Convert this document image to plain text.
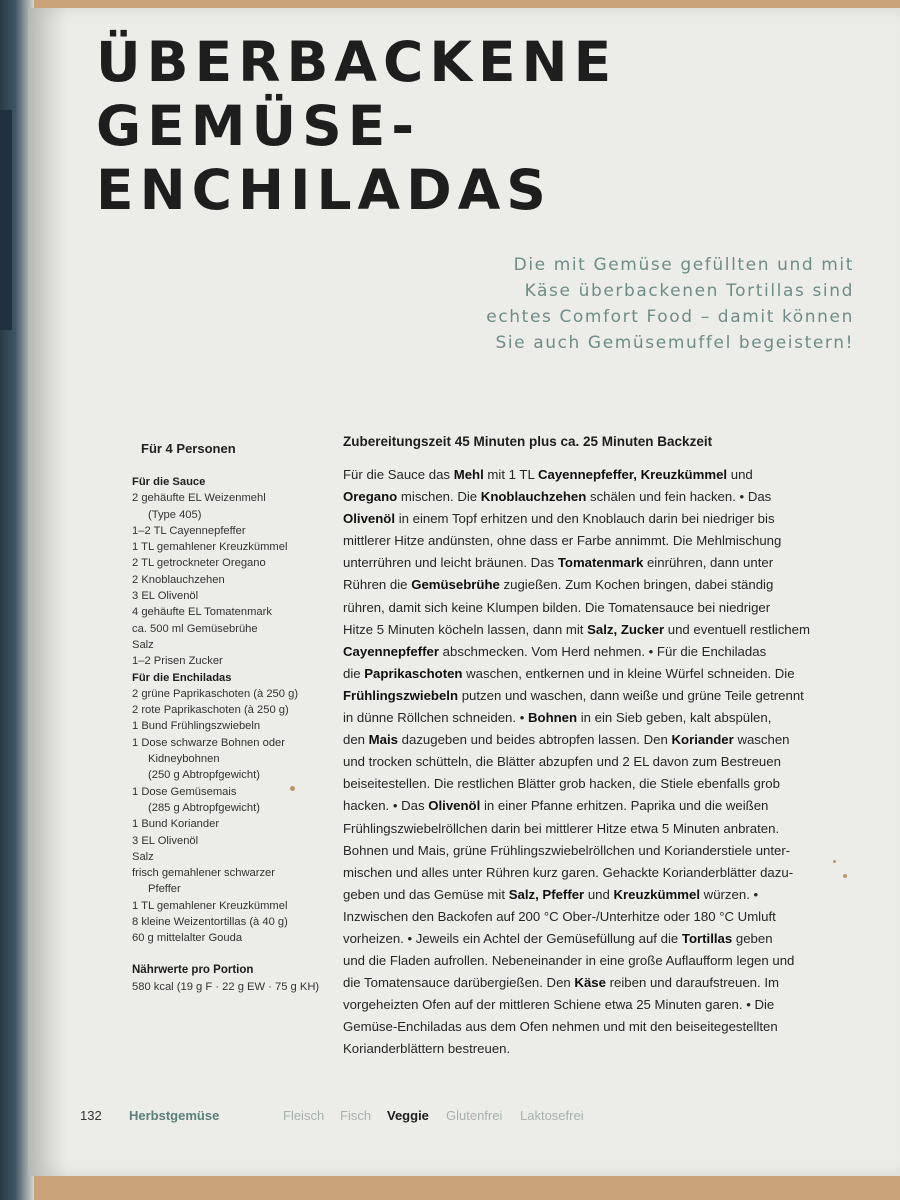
ÜBERBACKENE
GEMÜSE-
ENCHILADAS
Die mit Gemüse gefüllten und mit
Käse überbackenen Tortillas sind
echtes Comfort Food – damit können
Sie auch Gemüsemuffel begeistern!
Für 4 Personen
Für die Sauce
2 gehäufte EL Weizenmehl
(Type 405)
1–2 TL Cayennepfeffer
1 TL gemahlener Kreuzkümmel
2 TL getrockneter Oregano
2 Knoblauchzehen
3 EL Olivenöl
4 gehäufte EL Tomatenmark
ca. 500 ml Gemüsebrühe
Salz
1–2 Prisen Zucker
Für die Enchiladas
2 grüne Paprikaschoten (à 250 g)
2 rote Paprikaschoten (à 250 g)
1 Bund Frühlingszwiebeln
1 Dose schwarze Bohnen oder
Kidneybohnen
(250 g Abtropfgewicht)
1 Dose Gemüsemais
(285 g Abtropfgewicht)
1 Bund Koriander
3 EL Olivenöl
Salz
frisch gemahlener schwarzer
Pfeffer
1 TL gemahlener Kreuzkümmel
8 kleine Weizentortillas (à 40 g)
60 g mittelalter Gouda
Nährwerte pro Portion
580 kcal (19 g F · 22 g EW · 75 g KH)
Zubereitungszeit 45 Minuten plus ca. 25 Minuten Backzeit
Für die Sauce das Mehl mit 1 TL Cayennepfeffer, Kreuzkümmel und
Oregano mischen. Die Knoblauchzehen schälen und fein hacken. • Das
Olivenöl in einem Topf erhitzen und den Knoblauch darin bei niedriger bis
mittlerer Hitze andünsten, ohne dass er Farbe annimmt. Die Mehlmischung
unterrühren und leicht bräunen. Das Tomatenmark einrühren, dann unter
Rühren die Gemüsebrühe zugießen. Zum Kochen bringen, dabei ständig
rühren, damit sich keine Klumpen bilden. Die Tomatensauce bei niedriger
Hitze 5 Minuten köcheln lassen, dann mit Salz, Zucker und eventuell restlichem
Cayennepfeffer abschmecken. Vom Herd nehmen. • Für die Enchiladas
die Paprikaschoten waschen, entkernen und in kleine Würfel schneiden. Die
Frühlingszwiebeln putzen und waschen, dann weiße und grüne Teile getrennt
in dünne Röllchen schneiden. • Bohnen in ein Sieb geben, kalt abspülen,
den Mais dazugeben und beides abtropfen lassen. Den Koriander waschen
und trocken schütteln, die Blätter abzupfen und 2 EL davon zum Bestreuen
beiseitestellen. Die restlichen Blätter grob hacken, die Stiele ebenfalls grob
hacken. • Das Olivenöl in einer Pfanne erhitzen. Paprika und die weißen
Frühlingszwiebelröllchen darin bei mittlerer Hitze etwa 5 Minuten anbraten.
Bohnen und Mais, grüne Frühlingszwiebelröllchen und Korianderstiele unter-
mischen und alles unter Rühren kurz garen. Gehackte Korianderblätter dazu-
geben und das Gemüse mit Salz, Pfeffer und Kreuzkümmel würzen. •
Inzwischen den Backofen auf 200 °C Ober-/Unterhitze oder 180 °C Umluft
vorheizen. • Jeweils ein Achtel der Gemüsefüllung auf die Tortillas geben
und die Fladen aufrollen. Nebeneinander in eine große Auflaufform legen und
die Tomatensauce darübergießen. Den Käse reiben und daraufstreuen. Im
vorgeheizten Ofen auf der mittleren Schiene etwa 25 Minuten garen. • Die
Gemüse-Enchiladas aus dem Ofen nehmen und mit den beiseitegestellten
Korianderblättern bestreuen.
132 Herbstgemüse	Fleisch Fisch Veggie Glutenfrei Laktosefrei
